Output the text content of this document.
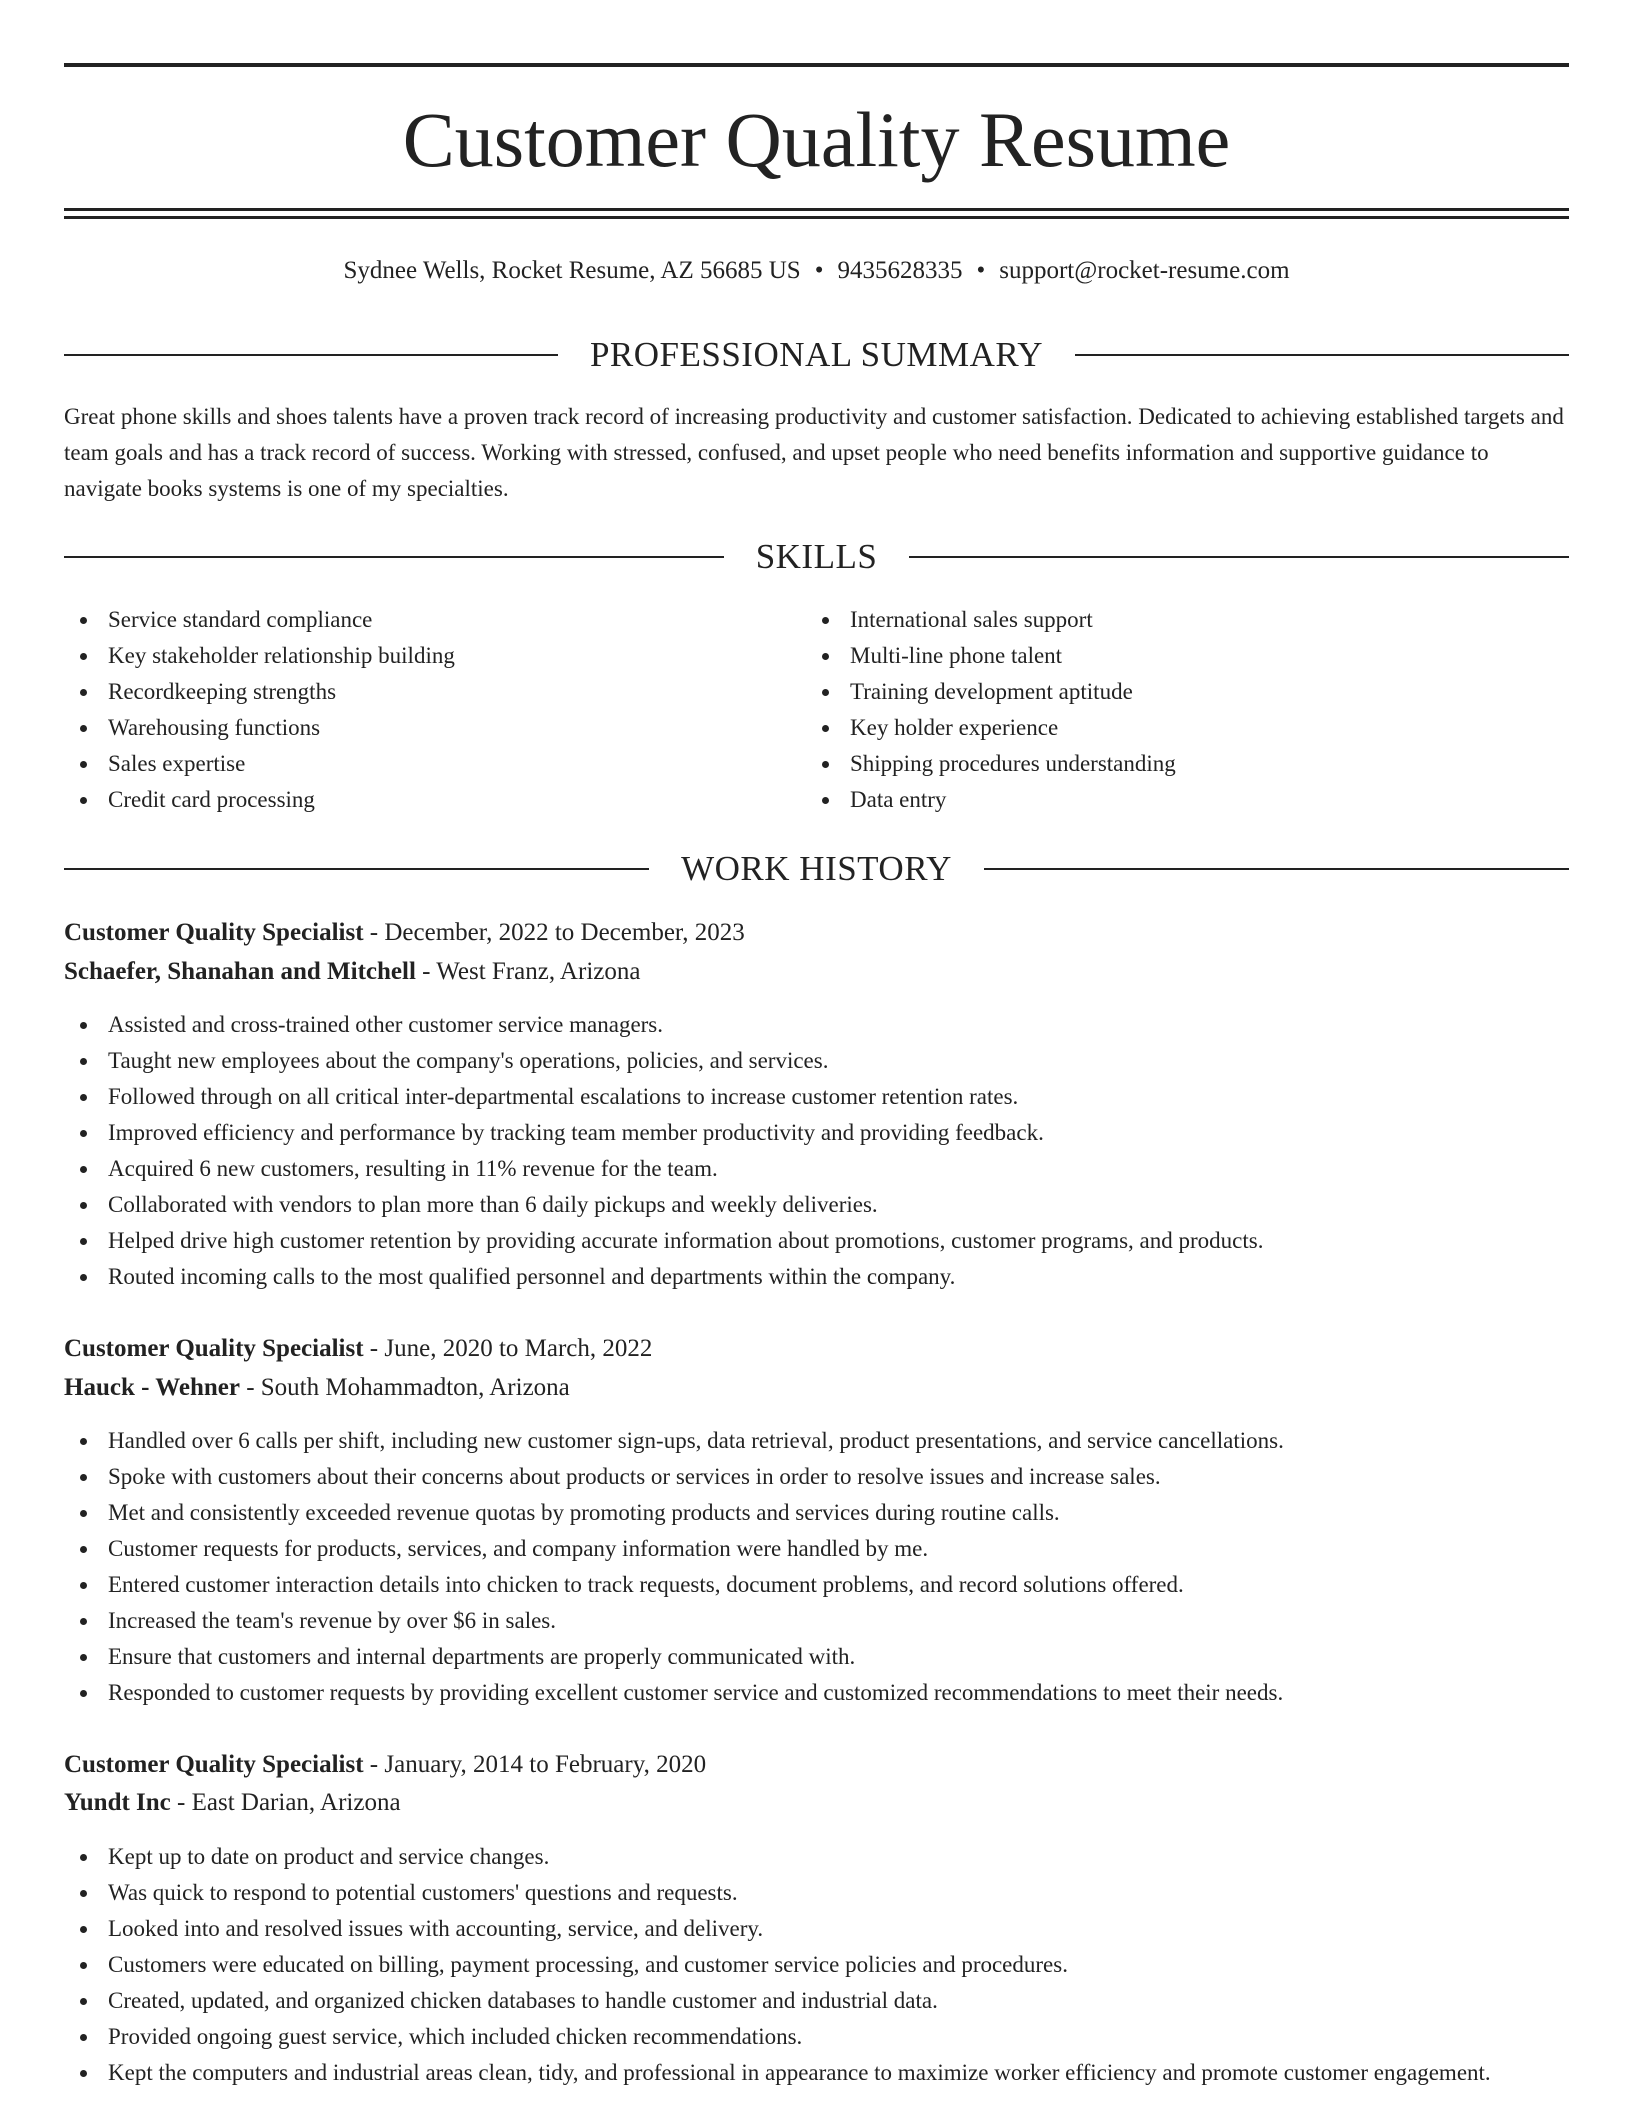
Customer Quality Resume
Sydnee Wells, Rocket Resume, AZ 56685 US • 9435628335 • support@rocket-resume.com
PROFESSIONAL SUMMARY

Great phone skills and shoes talents have a proven track record of increasing productivity and customer satisfaction. Dedicated to achieving established targets and team goals and has a track record of success. Working with stressed, confused, and upset people who need benefits information and supportive guidance to navigate books systems is one of my specialties.

SKILLS
Service standard compliance
Key stakeholder relationship building
Recordkeeping strengths
Warehousing functions
Sales expertise
Credit card processing
International sales support
Multi-line phone talent
Training development aptitude
Key holder experience
Shipping procedures understanding
Data entry
WORK HISTORY
Customer Quality Specialist - December, 2022 to December, 2023
Schaefer, Shanahan and Mitchell - West Franz, Arizona
Assisted and cross-trained other customer service managers.
Taught new employees about the company's operations, policies, and services.
Followed through on all critical inter-departmental escalations to increase customer retention rates.
Improved efficiency and performance by tracking team member productivity and providing feedback.
Acquired 6 new customers, resulting in 11% revenue for the team.
Collaborated with vendors to plan more than 6 daily pickups and weekly deliveries.
Helped drive high customer retention by providing accurate information about promotions, customer programs, and products.
Routed incoming calls to the most qualified personnel and departments within the company.
Customer Quality Specialist - June, 2020 to March, 2022
Hauck - Wehner - South Mohammadton, Arizona
Handled over 6 calls per shift, including new customer sign-ups, data retrieval, product presentations, and service cancellations.
Spoke with customers about their concerns about products or services in order to resolve issues and increase sales.
Met and consistently exceeded revenue quotas by promoting products and services during routine calls.
Customer requests for products, services, and company information were handled by me.
Entered customer interaction details into chicken to track requests, document problems, and record solutions offered.
Increased the team's revenue by over $6 in sales.
Ensure that customers and internal departments are properly communicated with.
Responded to customer requests by providing excellent customer service and customized recommendations to meet their needs.
Customer Quality Specialist - January, 2014 to February, 2020
Yundt Inc - East Darian, Arizona
Kept up to date on product and service changes.
Was quick to respond to potential customers' questions and requests.
Looked into and resolved issues with accounting, service, and delivery.
Customers were educated on billing, payment processing, and customer service policies and procedures.
Created, updated, and organized chicken databases to handle customer and industrial data.
Provided ongoing guest service, which included chicken recommendations.
Kept the computers and industrial areas clean, tidy, and professional in appearance to maximize worker efficiency and promote customer engagement.
